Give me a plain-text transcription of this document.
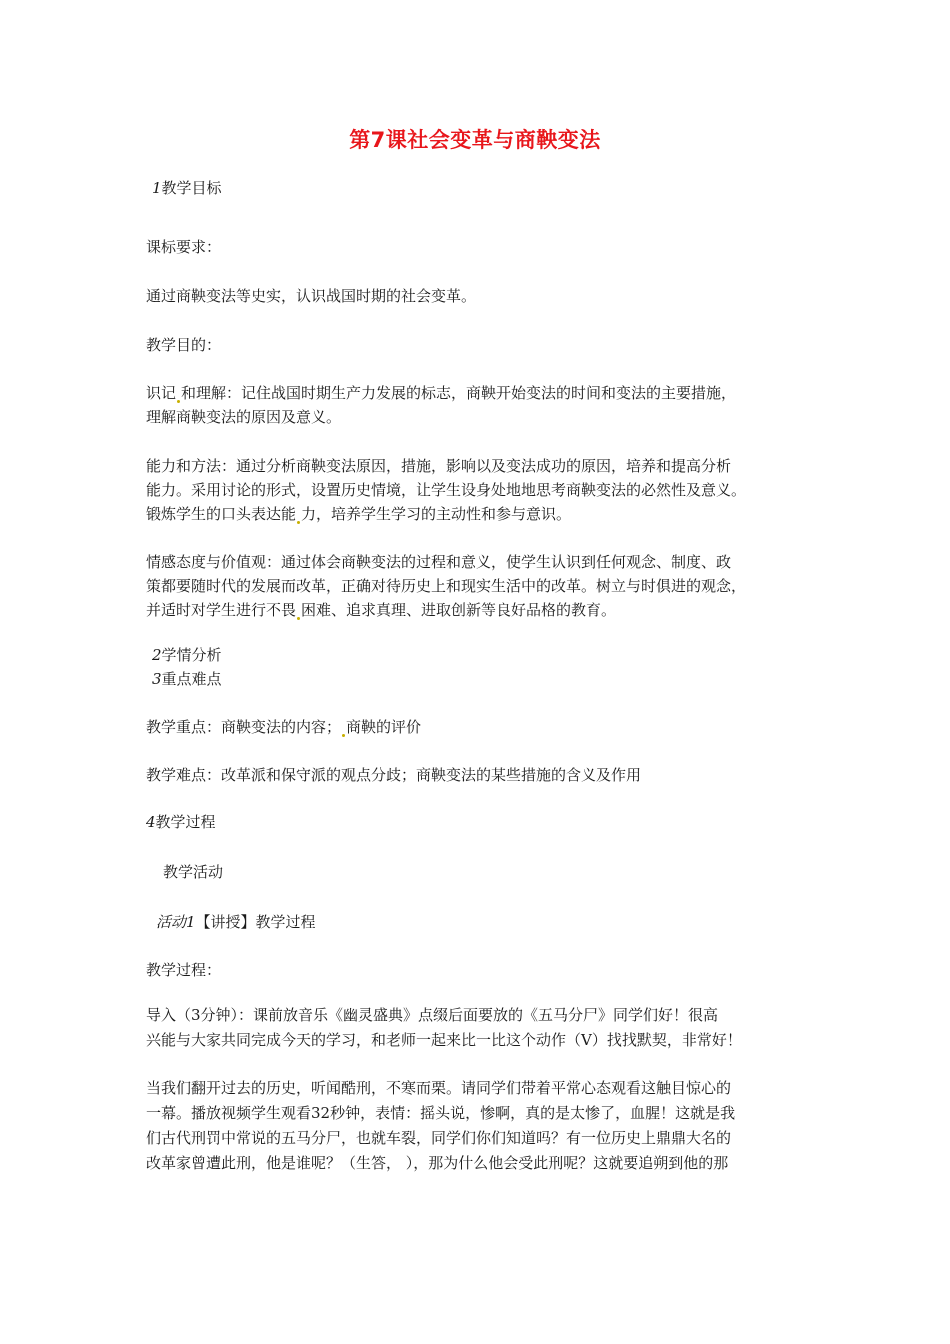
第7课社会变革与商鞅变法
1教学目标
课标要求：
通过商鞅变法等史实，认识战国时期的社会变革。
教学目的：
识记 和理解：记住战国时期生产力发展的标志，商鞅开始变法的时间和变法的主要措施，
理解商鞅变法的原因及意义。
能力和方法：通过分析商鞅变法原因，措施，影响以及变法成功的原因，培养和提高分析
能力。采用讨论的形式，设置历史情境，让学生设身处地地思考商鞅变法的必然性及意义。
锻炼学生的口头表达能 力，培养学生学习的主动性和参与意识。
情感态度与价值观：通过体会商鞅变法的过程和意义，使学生认识到任何观念、制度、政
策都要随时代的发展而改革，正确对待历史上和现实生活中的改革。树立与时俱进的观念，
并适时对学生进行不畏 困难、追求真理、进取创新等良好品格的教育。
2学情分析
3重点难点
教学重点：商鞅变法的内容； 商鞅的评价
教学难点：改革派和保守派的观点分歧；商鞅变法的某些措施的含义及作用
4教学过程
教学活动
活动1【讲授】教学过程
教学过程：
导入（3分钟）：课前放音乐《幽灵盛典》点缀后面要放的《五马分尸》同学们好！很高
兴能与大家共同完成今天的学习，和老师一起来比一比这个动作（V）找找默契，非常好！
当我们翻开过去的历史，听闻酷刑，不寒而栗。请同学们带着平常心态观看这触目惊心的
一幕。播放视频学生观看32秒钟，表情：摇头说，惨啊，真的是太惨了，血腥！这就是我
们古代刑罚中常说的五马分尸，也就车裂，同学们你们知道吗？有一位历史上鼎鼎大名的
改革家曾遭此刑，他是谁呢？（生答， ），那为什么他会受此刑呢？这就要追朔到他的那
